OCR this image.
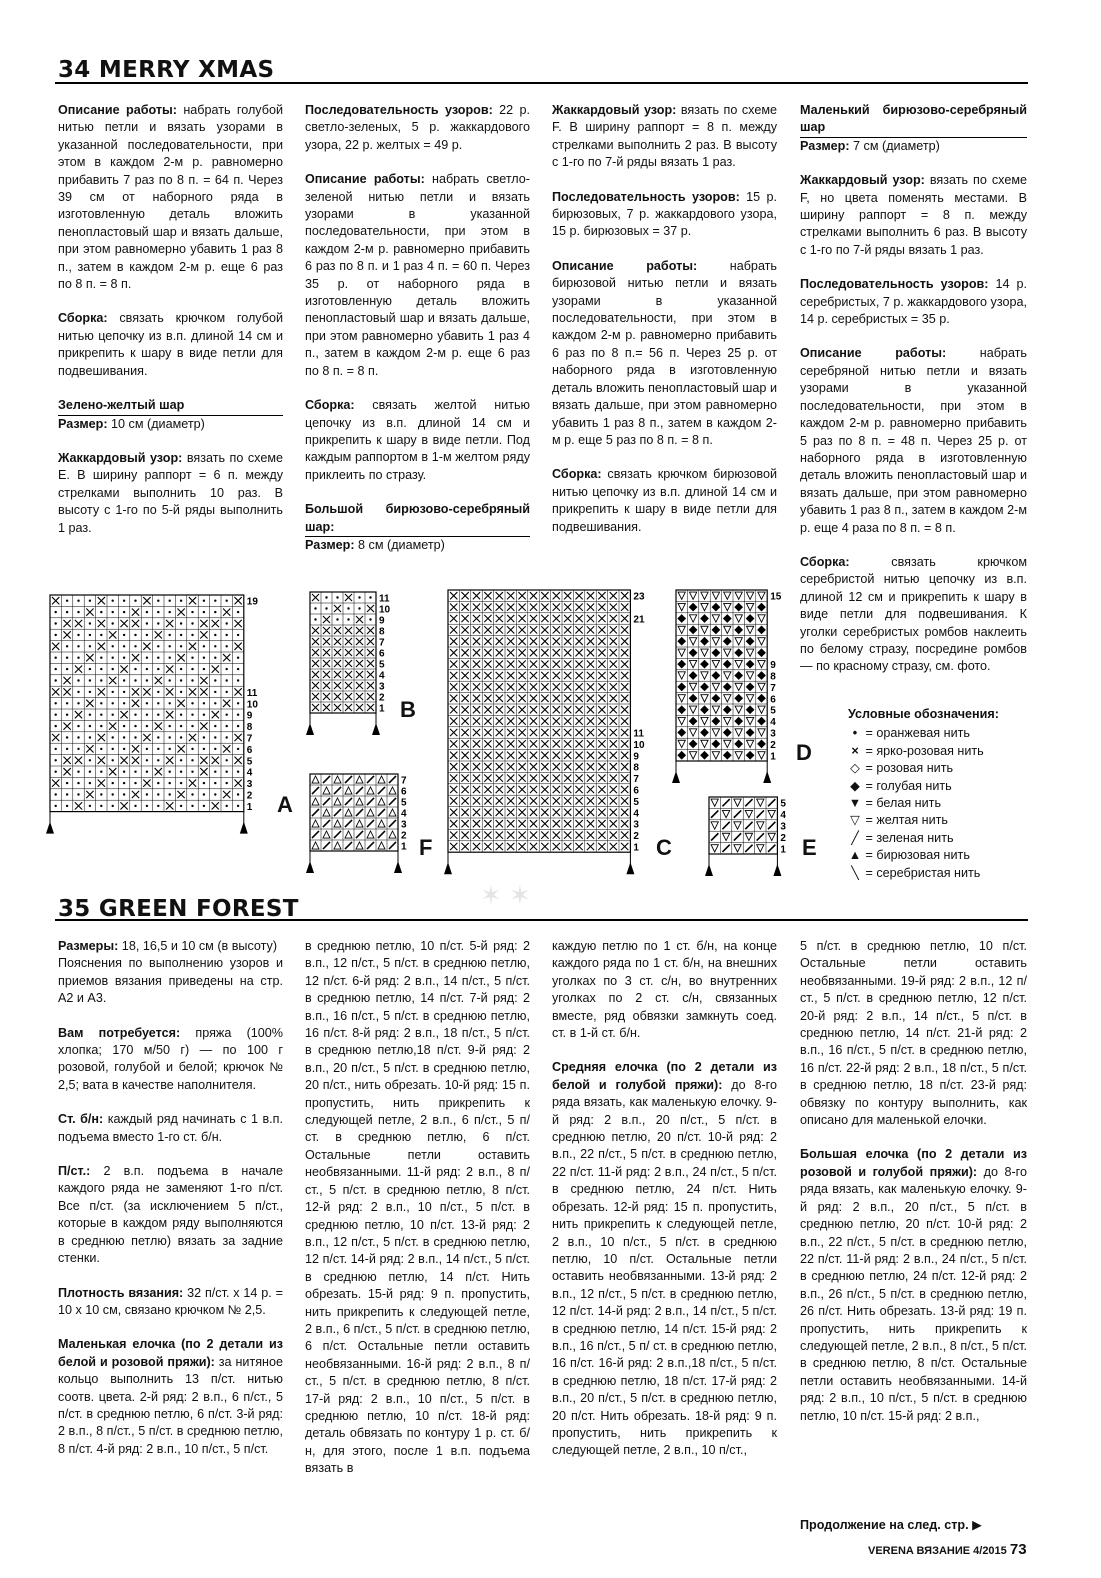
34 MERRY XMAS

Описание работы: набрать голубой нитью петли и вязать узорами в указанной последовательности, при этом в каждом 2-м р. равномерно прибавить 7 раз по 8 п. = 64 п. Через 39 см от наборного ряда в изготовленную деталь вложить пенопластовый шар и вязать дальше, при этом равномерно убавить 1 раз 8 п., затем в каждом 2-м р. еще 6 раз по 8 п. = 8 п.

Сборка: связать крючком голубой нитью цепочку из в.п. длиной 14 см и прикрепить к шару в виде петли для подвешивания.

Зелено-желтый шар

Размер: 10 см (диаметр)

Жаккардовый узор: вязать по схеме Е. В ширину раппорт = 6 п. между стрелками выполнить 10 раз. В высоту с 1-го по 5-й ряды выполнить 1 раз.

Последовательность узоров: 22 р. светло-зеленых, 5 р. жаккардового узора, 22 р. желтых = 49 р.

Описание работы: набрать светло-зеленой нитью петли и вязать узорами в указанной последовательности, при этом в каждом 2-м р. равномерно прибавить 6 раз по 8 п. и 1 раз 4 п. = 60 п. Через 35 р. от наборного ряда в изготовленную деталь вложить пенопластовый шар и вязать дальше, при этом равномерно убавить 1 раз 4 п., затем в каждом 2-м р. еще 6 раз по 8 п. = 8 п.

Сборка: связать желтой нитью цепочку из в.п. длиной 14 см и прикрепить к шару в виде петли. Под каждым раппортом в 1-м желтом ряду приклеить по стразу.

Большой бирюзово-серебряный шар:

Размер: 8 см (диаметр)

Жаккардовый узор: вязать по схеме F. В ширину раппорт = 8 п. между стрелками выполнить 2 раз. В высоту с 1-го по 7-й ряды вязать 1 раз.

Последовательность узоров: 15 р. бирюзовых, 7 р. жаккардового узора, 15 р. бирюзовых = 37 р.

Описание работы: набрать бирюзовой нитью петли и вязать узорами в указанной последовательности, при этом в каждом 2-м р. равномерно прибавить 6 раз по 8 п.= 56 п. Через 25 р. от наборного ряда в изготовленную деталь вложить пенопластовый шар и вязать дальше, при этом равномерно убавить 1 раз 8 п., затем в каждом 2-м р. еще 5 раз по 8 п. = 8 п.

Сборка: связать крючком бирюзовой нитью цепочку из в.п. длиной 14 см и прикрепить к шару в виде петли для подвешивания.

Маленький бирюзово-серебряный шар

Размер: 7 см (диаметр)

Жаккардовый узор: вязать по схеме F, но цвета поменять местами. В ширину раппорт = 8 п. между стрелками выполнить 6 раз. В высоту с 1-го по 7-й ряды вязать 1 раз.

Последовательность узоров: 14 р. серебристых, 7 р. жаккардового узора, 14 р. серебристых = 35 р.

Описание работы: набрать серебряной нитью петли и вязать узорами в указанной последовательности, при этом в каждом 2-м р. равномерно прибавить 5 раз по 8 п. = 48 п. Через 25 р. от наборного ряда в изготовленную деталь вложить пенопластовый шар и вязать дальше, при этом равномерно убавить 1 раз 8 п., затем в каждом 2-м р. еще 4 раза по 8 п. = 8 п.

Сборка: связать крючком серебристой нитью цепочку из в.п. длиной 12 см и прикрепить к шару в виде петли для подвешивания. К уголки серебристых ромбов наклеить по белому стразу, посредине ромбов — по красному стразу, см. фото.

19
11
10
9
8
7
6
5
4
3
2
1 A
11
10
9
8
7
6
5
4
3
2
1 B
7
6
5
4
3
2
1 F
23
21
11
10
9
8
7
6
5
4
3
2
1 C
15
9
8
7
6
5
4
3
2
1 D
5
4
3
2
1 E
Условные обозначения:
• = оранжевая нить
× = ярко-розовая нить
◇ = розовая нить
◆ = голубая нить
▼ = белая нить
▽ = желтая нить
╱ = зеленая нить
▲ = бирюзовая нить
╲ = серебристая нить
✶ ✶
35 GREEN FOREST

Размеры: 18, 16,5 и 10 см (в высоту)

Пояснения по выполнению узоров и приемов вязания приведены на стр. А2 и А3.

Вам потребуется: пряжа (100% хлопка; 170 м/50 г) — по 100 г розовой, голубой и белой; крючок № 2,5; вата в качестве наполнителя.

Ст. б/н: каждый ряд начинать с 1 в.п. подъема вместо 1-го ст. б/н.

П/ст.: 2 в.п. подъема в начале каждого ряда не заменяют 1-го п/ст. Все п/ст. (за исключением 5 п/ст., которые в каждом ряду выполняются в среднюю петлю) вязать за задние стенки.

Плотность вязания: 32 п/ст. х 14 р. = 10 х 10 см, связано крючком № 2,5.

Маленькая елочка (по 2 детали из белой и розовой пряжи): за нитяное кольцо выполнить 13 п/ст. нитью соотв. цвета. 2-й ряд: 2 в.п., 6 п/ст., 5 п/ст. в среднюю петлю, 6 п/ст. 3-й ряд: 2 в.п., 8 п/ст., 5 п/ст. в среднюю петлю, 8 п/ст. 4-й ряд: 2 в.п., 10 п/ст., 5 п/ст.

в среднюю петлю, 10 п/ст. 5-й ряд: 2 в.п., 12 п/ст., 5 п/ст. в среднюю петлю, 12 п/ст. 6-й ряд: 2 в.п., 14 п/ст., 5 п/ст. в среднюю петлю, 14 п/ст. 7-й ряд: 2 в.п., 16 п/ст., 5 п/ст. в среднюю петлю, 16 п/ст. 8-й ряд: 2 в.п., 18 п/ст., 5 п/ст. в среднюю петлю,18 п/ст. 9-й ряд: 2 в.п., 20 п/ст., 5 п/ст. в среднюю петлю, 20 п/ст., нить обрезать. 10-й ряд: 15 п. пропустить, нить прикрепить к следующей петле, 2 в.п., 6 п/ст., 5 п/ст. в среднюю петлю, 6 п/ст. Остальные петли оставить необвязанными. 11-й ряд: 2 в.п., 8 п/ст., 5 п/ст. в среднюю петлю, 8 п/ст. 12-й ряд: 2 в.п., 10 п/ст., 5 п/ст. в среднюю петлю, 10 п/ст. 13-й ряд: 2 в.п., 12 п/ст., 5 п/ст. в среднюю петлю, 12 п/ст. 14-й ряд: 2 в.п., 14 п/ст., 5 п/ст. в среднюю петлю, 14 п/ст. Нить обрезать. 15-й ряд: 9 п. пропустить, нить прикрепить к следующей петле, 2 в.п., 6 п/ст., 5 п/ст. в среднюю петлю, 6 п/ст. Остальные петли оставить необвязанными. 16-й ряд: 2 в.п., 8 п/ст., 5 п/ст. в среднюю петлю, 8 п/ст. 17-й ряд: 2 в.п., 10 п/ст., 5 п/ст. в среднюю петлю, 10 п/ст. 18-й ряд: деталь обвязать по контуру 1 р. ст. б/н, для этого, после 1 в.п. подъема вязать в

каждую петлю по 1 ст. б/н, на конце каждого ряда по 1 ст. б/н, на внешних уголках по 3 ст. с/н, во внутренних уголках по 2 ст. с/н, связанных вместе, ряд обвязки замкнуть соед. ст. в 1-й ст. б/н.

Средняя елочка (по 2 детали из белой и голубой пряжи): до 8-го ряда вязать, как маленькую елочку. 9-й ряд: 2 в.п., 20 п/ст., 5 п/ст. в среднюю петлю, 20 п/ст. 10-й ряд: 2 в.п., 22 п/ст., 5 п/ст. в среднюю петлю, 22 п/ст. 11-й ряд: 2 в.п., 24 п/ст., 5 п/ст. в среднюю петлю, 24 п/ст. Нить обрезать. 12-й ряд: 15 п. пропустить, нить прикрепить к следующей петле, 2 в.п., 10 п/ст., 5 п/ст. в среднюю петлю, 10 п/ст. Остальные петли оставить необвязанными. 13-й ряд: 2 в.п., 12 п/ст., 5 п/ст. в среднюю петлю, 12 п/ст. 14-й ряд: 2 в.п., 14 п/ст., 5 п/ст. в среднюю петлю, 14 п/ст. 15-й ряд: 2 в.п., 16 п/ст., 5 п/ ст. в среднюю петлю, 16 п/ст. 16-й ряд: 2 в.п.,18 п/ст., 5 п/ст. в среднюю петлю, 18 п/ст. 17-й ряд: 2 в.п., 20 п/ст., 5 п/ст. в среднюю петлю, 20 п/ст. Нить обрезать. 18-й ряд: 9 п. пропустить, нить прикрепить к следующей петле, 2 в.п., 10 п/ст.,

5 п/ст. в среднюю петлю, 10 п/ст. Остальные петли оставить необвязанными. 19-й ряд: 2 в.п., 12 п/ст., 5 п/ст. в среднюю петлю, 12 п/ст. 20-й ряд: 2 в.п., 14 п/ст., 5 п/ст. в среднюю петлю, 14 п/ст. 21-й ряд: 2 в.п., 16 п/ст., 5 п/ст. в среднюю петлю, 16 п/ст. 22-й ряд: 2 в.п., 18 п/ст., 5 п/ст. в среднюю петлю, 18 п/ст. 23-й ряд: обвязку по контуру выполнить, как описано для маленькой елочки.

Большая елочка (по 2 детали из розовой и голубой пряжи): до 8-го ряда вязать, как маленькую елочку. 9-й ряд: 2 в.п., 20 п/ст., 5 п/ст. в среднюю петлю, 20 п/ст. 10-й ряд: 2 в.п., 22 п/ст., 5 п/ст. в среднюю петлю, 22 п/ст. 11-й ряд: 2 в.п., 24 п/ст., 5 п/ст. в среднюю петлю, 24 п/ст. 12-й ряд: 2 в.п., 26 п/ст., 5 п/ст. в среднюю петлю, 26 п/ст. Нить обрезать. 13-й ряд: 19 п. пропустить, нить прикрепить к следующей петле, 2 в.п., 8 п/ст., 5 п/ст. в среднюю петлю, 8 п/ст. Остальные петли оставить необвязанными. 14-й ряд: 2 в.п., 10 п/ст., 5 п/ст. в среднюю петлю, 10 п/ст. 15-й ряд: 2 в.п.,

Продолжение на след. стр. ▶
VERENA ВЯЗАНИЕ 4/2015 73
